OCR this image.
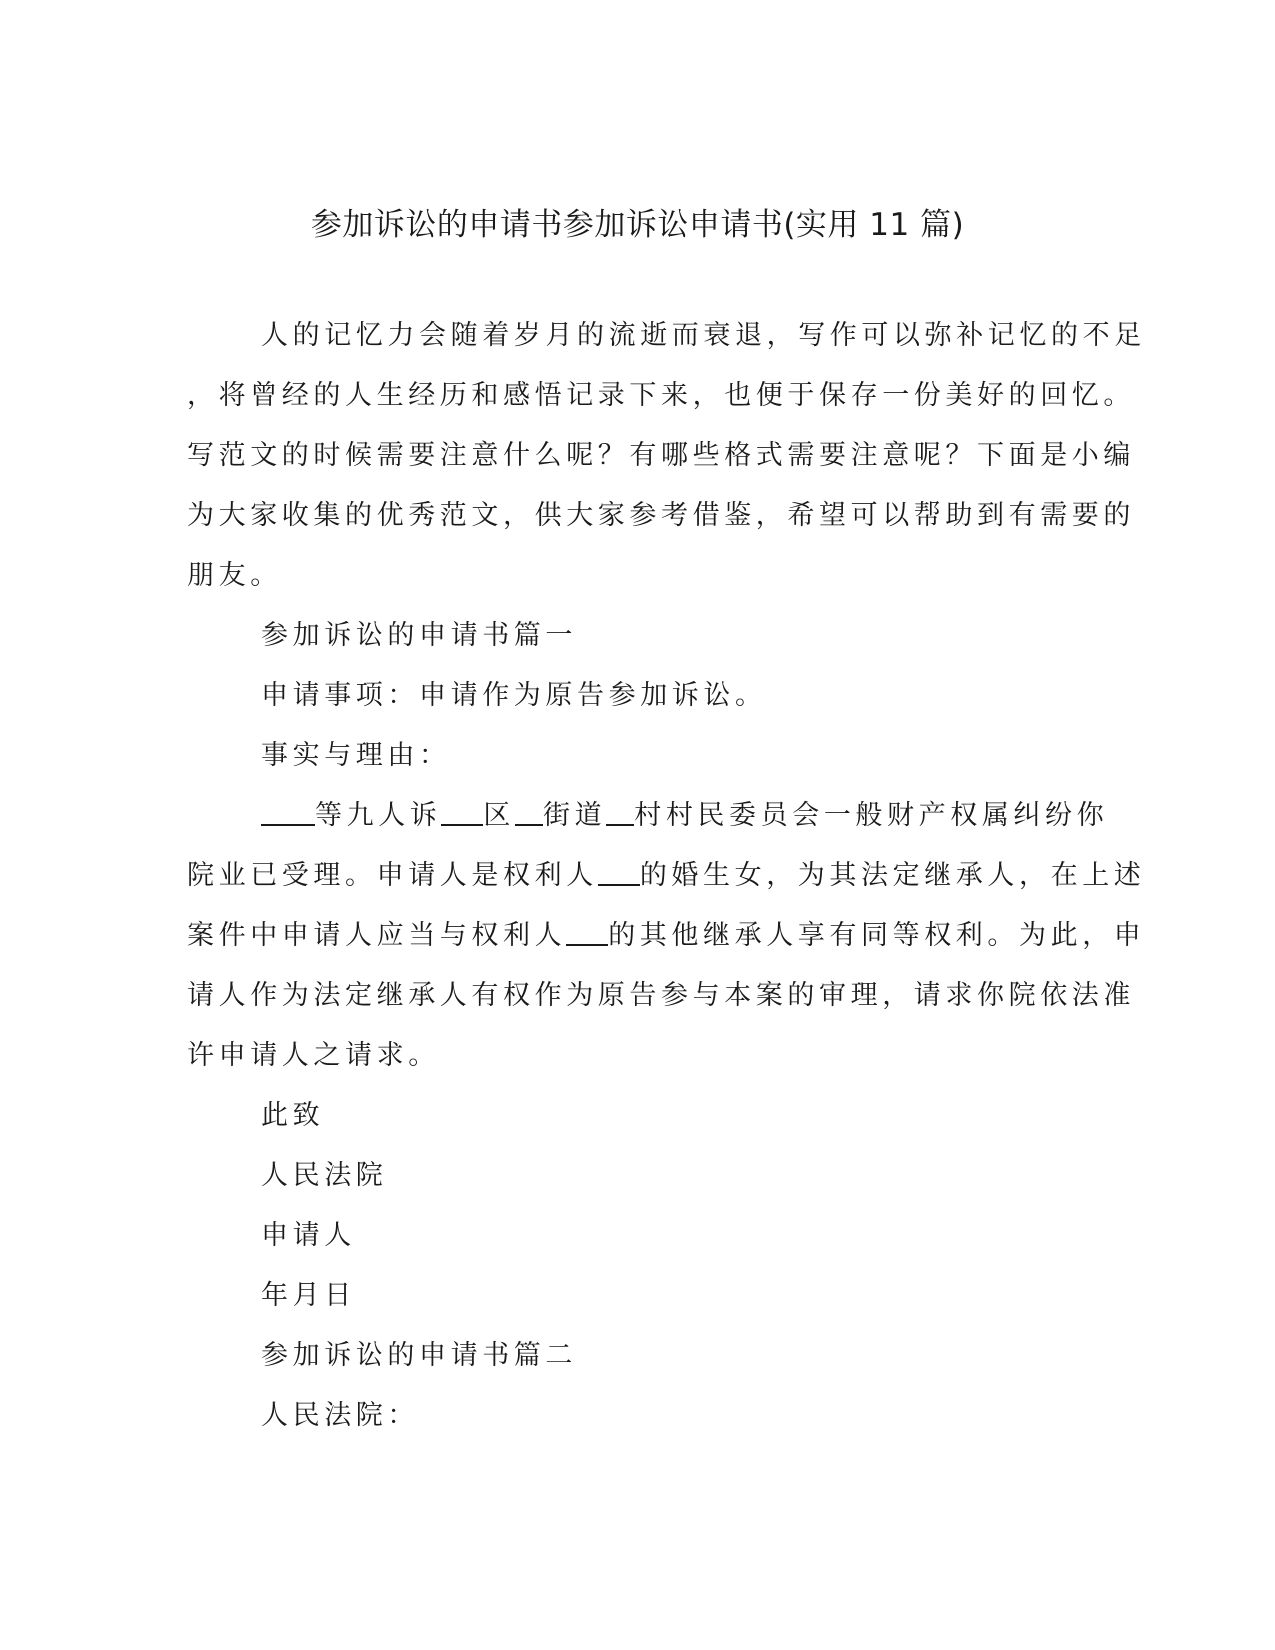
参加诉讼的申请书参加诉讼申请书(实用 11 篇)

人的记忆力会随着岁月的流逝而衰退，写作可以弥补记忆的不足
，将曾经的人生经历和感悟记录下来，也便于保存一份美好的回忆。
写范文的时候需要注意什么呢？有哪些格式需要注意呢？下面是小编
为大家收集的优秀范文，供大家参考借鉴，希望可以帮助到有需要的
朋友。

参加诉讼的申请书篇一

申请事项：申请作为原告参加诉讼。

事实与理由：

等九人诉 区 街道 村村民委员会一般财产权属纠纷你
院业已受理。申请人是权利人 的婚生女，为其法定继承人，在上述
案件中申请人应当与权利人 的其他继承人享有同等权利。为此，申
请人作为法定继承人有权作为原告参与本案的审理，请求你院依法准
许申请人之请求。

此致

人民法院

申请人

年月日

参加诉讼的申请书篇二

人民法院：
